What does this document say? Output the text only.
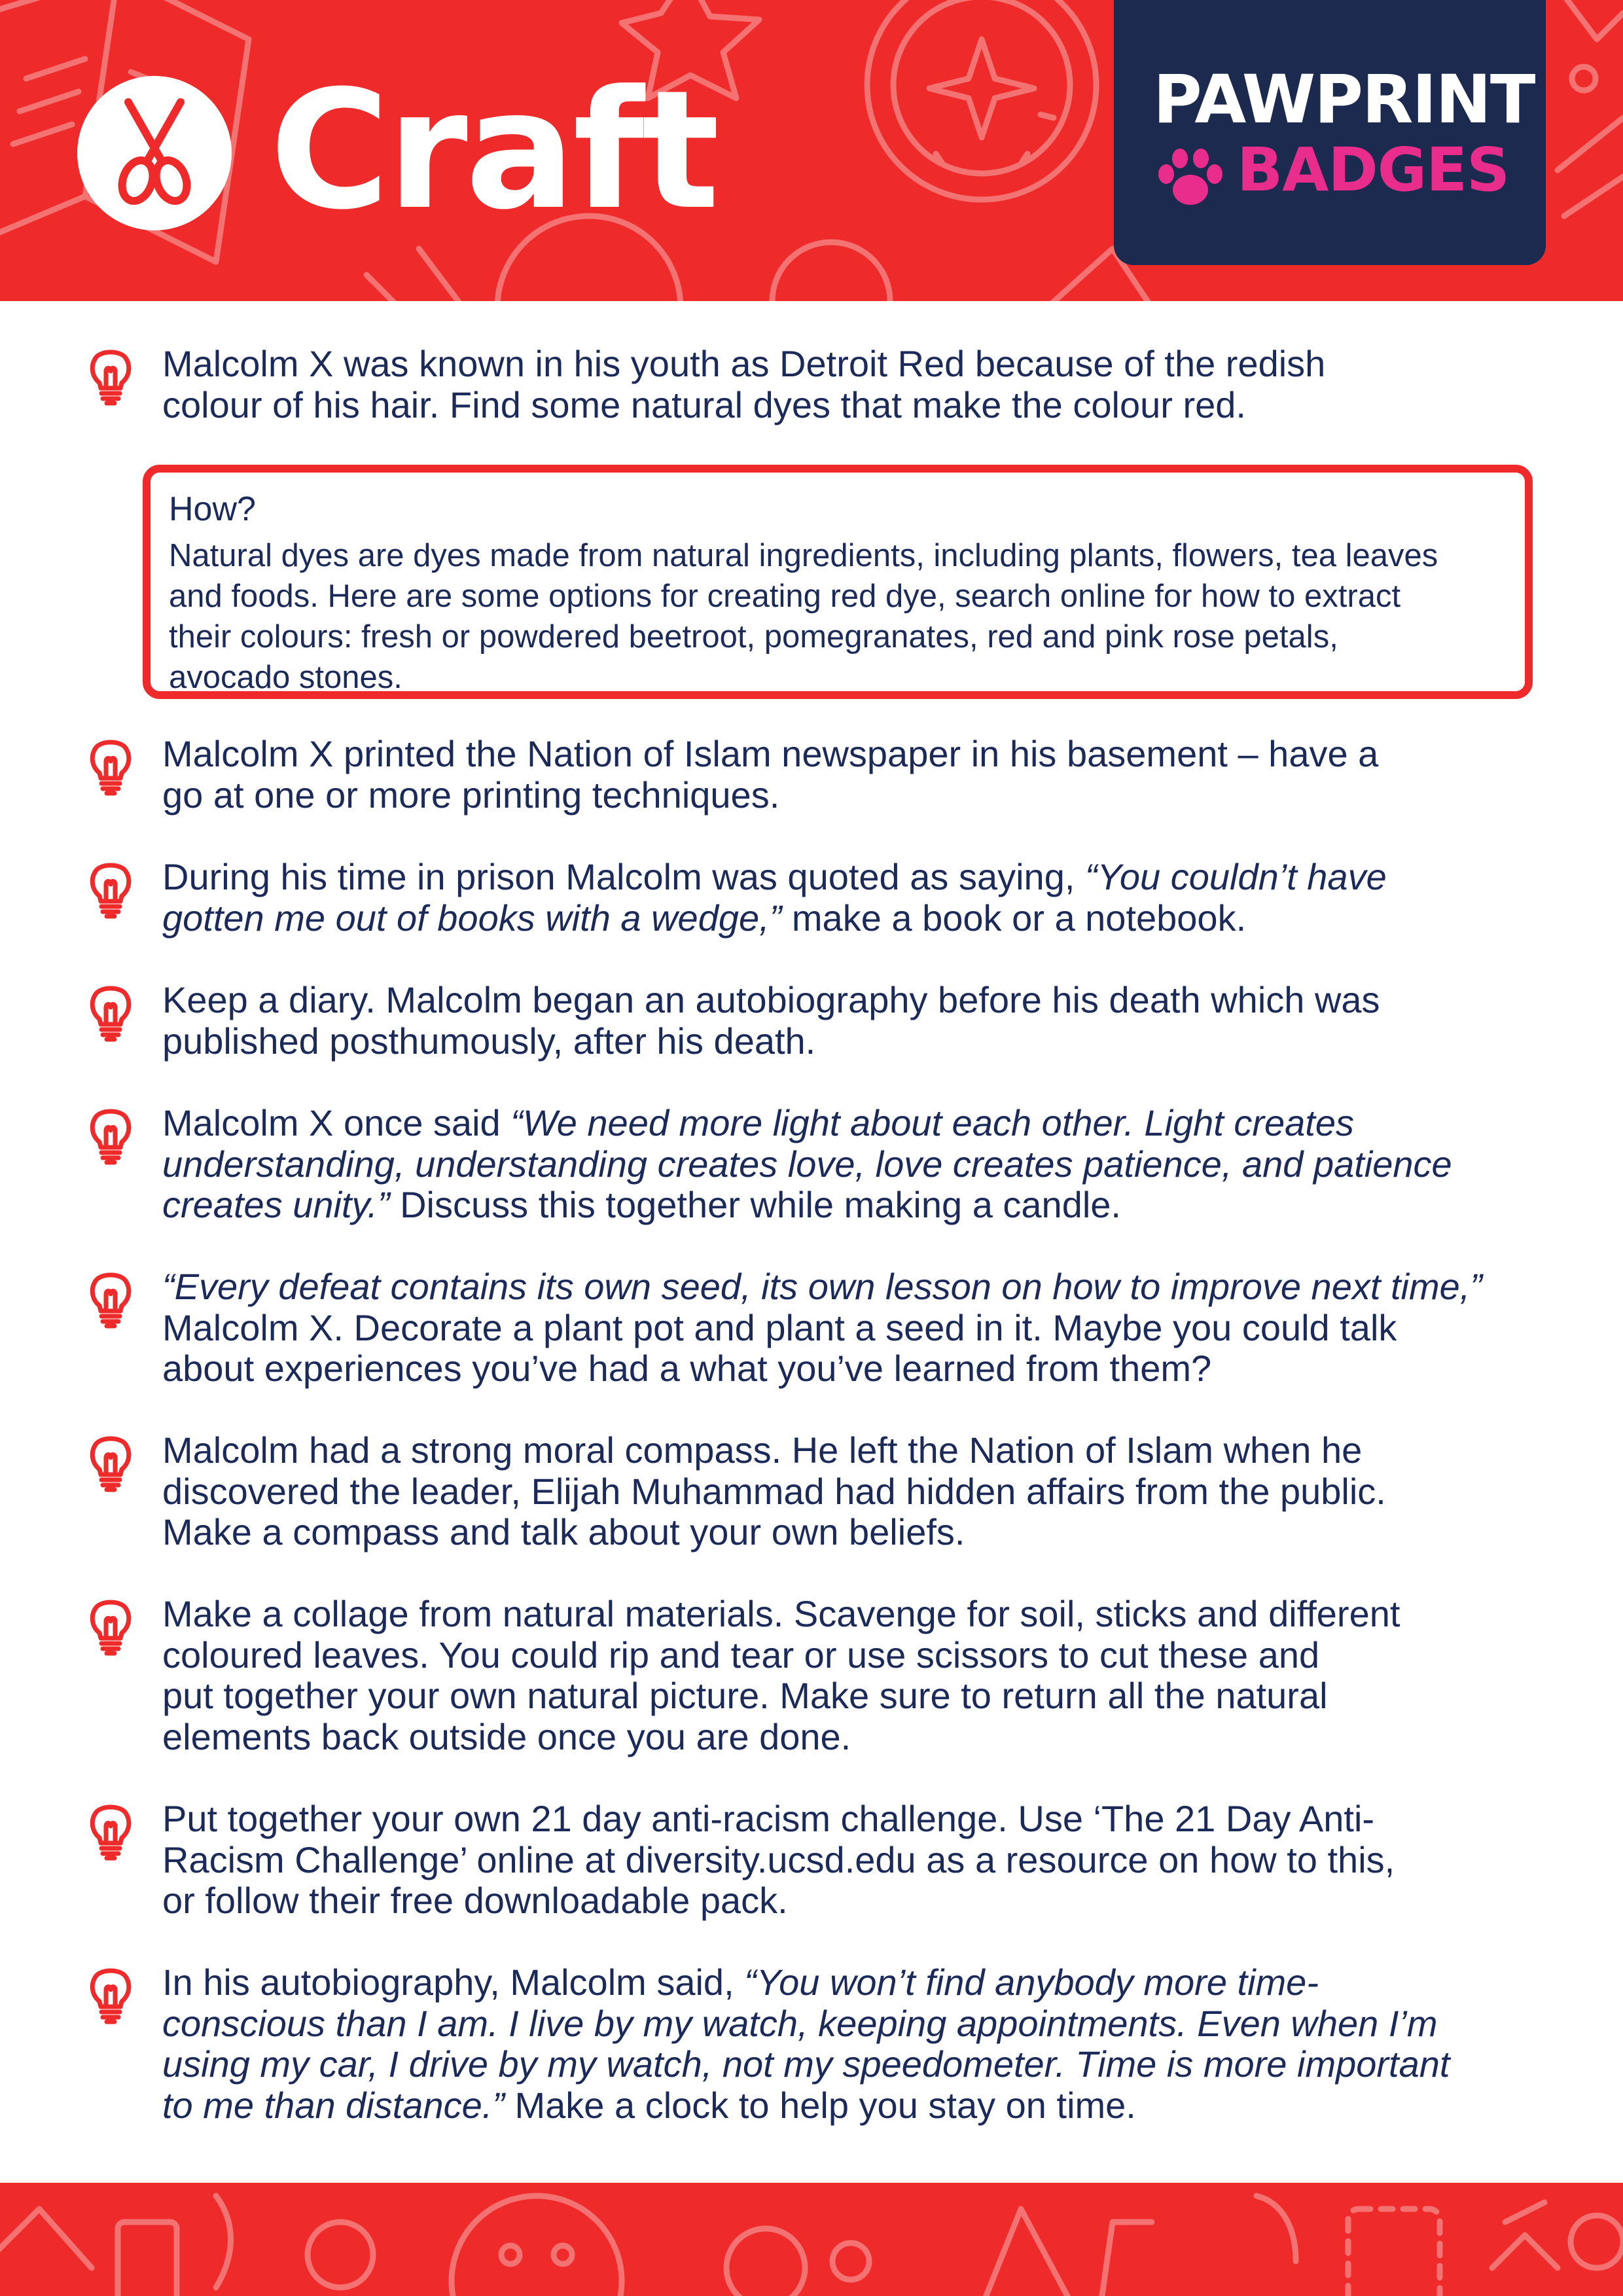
Craft	PAWPRINT
BADGES
Malcolm X was known in his youth as Detroit Red because of the redish
colour of his hair. Find some natural dyes that make the colour red.
How?
Natural dyes are dyes made from natural ingredients, including plants, flowers, tea leaves
and foods. Here are some options for creating red dye, search online for how to extract
their colours: fresh or powdered beetroot, pomegranates, red and pink rose petals,
avocado stones.
Malcolm X printed the Nation of Islam newspaper in his basement – have a
go at one or more printing techniques.
During his time in prison Malcolm was quoted as saying, “You couldn’t have
gotten me out of books with a wedge,” make a book or a notebook.
Keep a diary. Malcolm began an autobiography before his death which was
published posthumously, after his death.
Malcolm X once said “We need more light about each other. Light creates
understanding, understanding creates love, love creates patience, and patience
creates unity.” Discuss this together while making a candle.
“Every defeat contains its own seed, its own lesson on how to improve next time,”
Malcolm X. Decorate a plant pot and plant a seed in it. Maybe you could talk
about experiences you’ve had a what you’ve learned from them?
Malcolm had a strong moral compass. He left the Nation of Islam when he
discovered the leader, Elijah Muhammad had hidden affairs from the public.
Make a compass and talk about your own beliefs.
Make a collage from natural materials. Scavenge for soil, sticks and different
coloured leaves. You could rip and tear or use scissors to cut these and
put together your own natural picture. Make sure to return all the natural
elements back outside once you are done.
Put together your own 21 day anti-racism challenge. Use ‘The 21 Day Anti-
Racism Challenge’ online at diversity.ucsd.edu as a resource on how to this,
or follow their free downloadable pack.
In his autobiography, Malcolm said, “You won’t find anybody more time-
conscious than I am. I live by my watch, keeping appointments. Even when I’m
using my car, I drive by my watch, not my speedometer. Time is more important
to me than distance.” Make a clock to help you stay on time.
